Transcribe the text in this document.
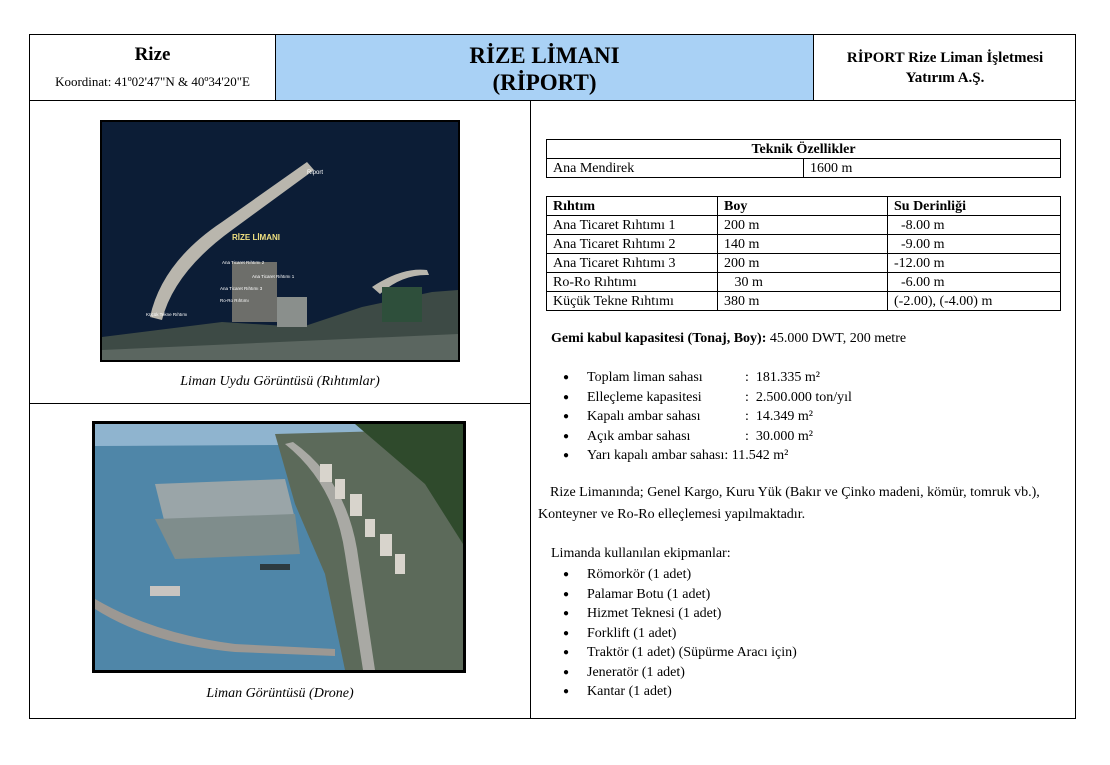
Rize
Koordinat: 41º02'47"N & 40º34'20"E
RİZE LİMANI
(RİPORT)
RİPORT Rize Liman İşletmesi
Yatırım A.Ş.
Riport
RİZE LİMANI
Ana Ticaret Rıhtımı 2
Ana Ticaret Rıhtımı 1
Ana Ticaret Rıhtımı 3
Ro-Ro Rıhtımı
Küçük Tekne Rıhtımı
Liman Uydu Görüntüsü (Rıhtımlar)
Liman Görüntüsü (Drone)
Teknik Özellikler
Ana Mendirek	1600 m
Rıhtım	Boy	Su Derinliği
Ana Ticaret Rıhtımı 1	200 m	-8.00 m
Ana Ticaret Rıhtımı 2	140 m	-9.00 m
Ana Ticaret Rıhtımı 3	200 m	-12.00 m
Ro-Ro Rıhtımı	30 m	-6.00 m
Küçük Tekne Rıhtımı	380 m	(-2.00), (-4.00) m
Gemi kabul kapasitesi (Tonaj, Boy): 45.000 DWT, 200 metre
● Toplam liman sahası	:  181.335 m²
● Elleçleme kapasitesi	:  2.500.000 ton/yıl
● Kapalı ambar sahası	:  14.349 m²
● Açık ambar sahası	:  30.000 m²
● Yarı kapalı ambar sahası: 11.542 m²
Rize Limanında; Genel Kargo, Kuru Yük (Bakır ve Çinko madeni, kömür, tomruk vb.), Konteyner ve Ro-Ro elleçlemesi yapılmaktadır.
Limanda kullanılan ekipmanlar:
● Römorkör (1 adet)
● Palamar Botu (1 adet)
● Hizmet Teknesi (1 adet)
● Forklift (1 adet)
● Traktör (1 adet) (Süpürme Aracı için)
● Jeneratör (1 adet)
● Kantar (1 adet)
